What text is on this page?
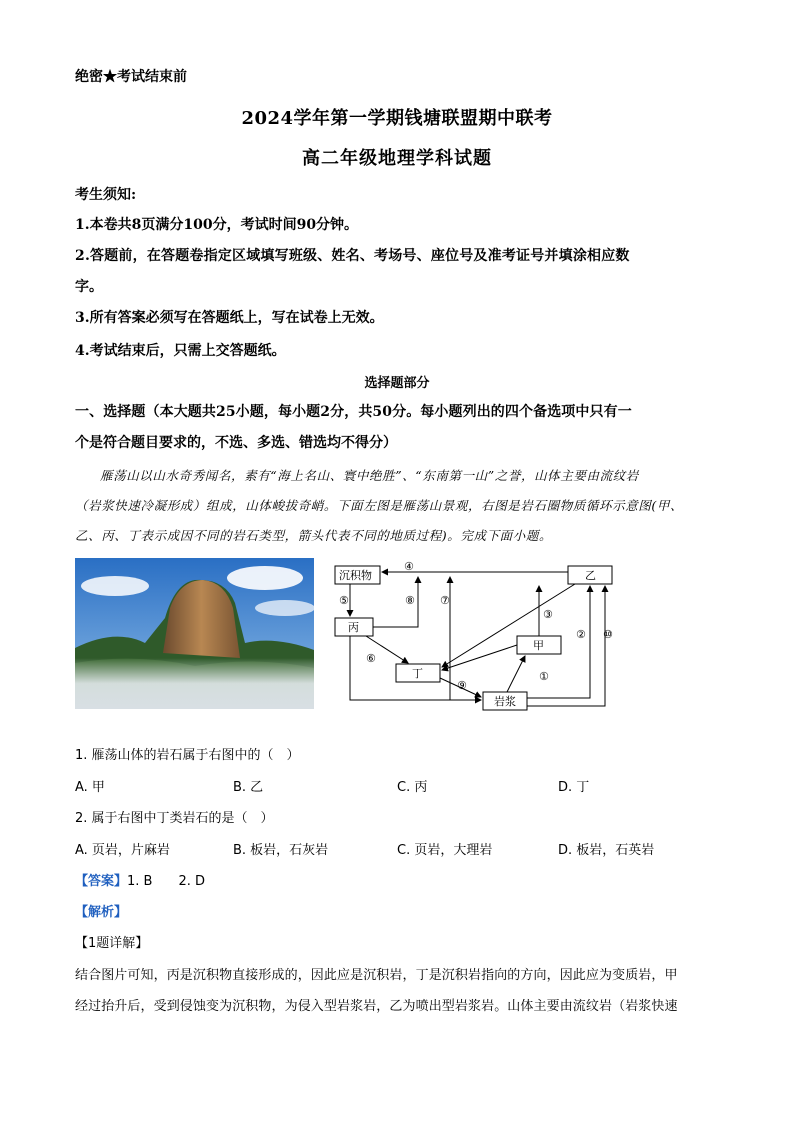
绝密★考试结束前
2024学年第一学期钱塘联盟期中联考
高二年级地理学科试题
考生须知:
1.本卷共8页满分100分，考试时间90分钟。
2.答题前，在答题卷指定区域填写班级、姓名、考场号、座位号及准考证号并填涂相应数
字。
3.所有答案必须写在答题纸上，写在试卷上无效。
4.考试结束后，只需上交答题纸。
选择题部分
一、选择题（本大题共25小题，每小题2分，共50分。每小题列出的四个备选项中只有一
个是符合题目要求的，不选、多选、错选均不得分）
雁荡山以山水奇秀闻名，素有“海上名山、寰中绝胜”、“东南第一山”之誉，山体主要由流纹岩
（岩浆快速冷凝形成）组成，山体峻拔奇峭。下面左图是雁荡山景观，右图是岩石圈物质循环示意图(甲、
乙、丙、丁表示成因不同的岩石类型，箭头代表不同的地质过程)。完成下面小题。
沉积物	乙
丙
甲
丁
岩浆
①
②
③
④
⑤
⑥
⑦
⑧
⑨
⑩
1. 雁荡山体的岩石属于右图中的（　）
A. 甲	B. 乙	C. 丙	D. 丁
2. 属于右图中丁类岩石的是（　）
A. 页岩，片麻岩	B. 板岩，石灰岩	C. 页岩，大理岩	D. 板岩，石英岩
【答案】1. B　　2. D
【解析】
【1题详解】
结合图片可知，丙是沉积物直接形成的，因此应是沉积岩，丁是沉积岩指向的方向，因此应为变质岩，甲
经过抬升后，受到侵蚀变为沉积物，为侵入型岩浆岩，乙为喷出型岩浆岩。山体主要由流纹岩（岩浆快速
